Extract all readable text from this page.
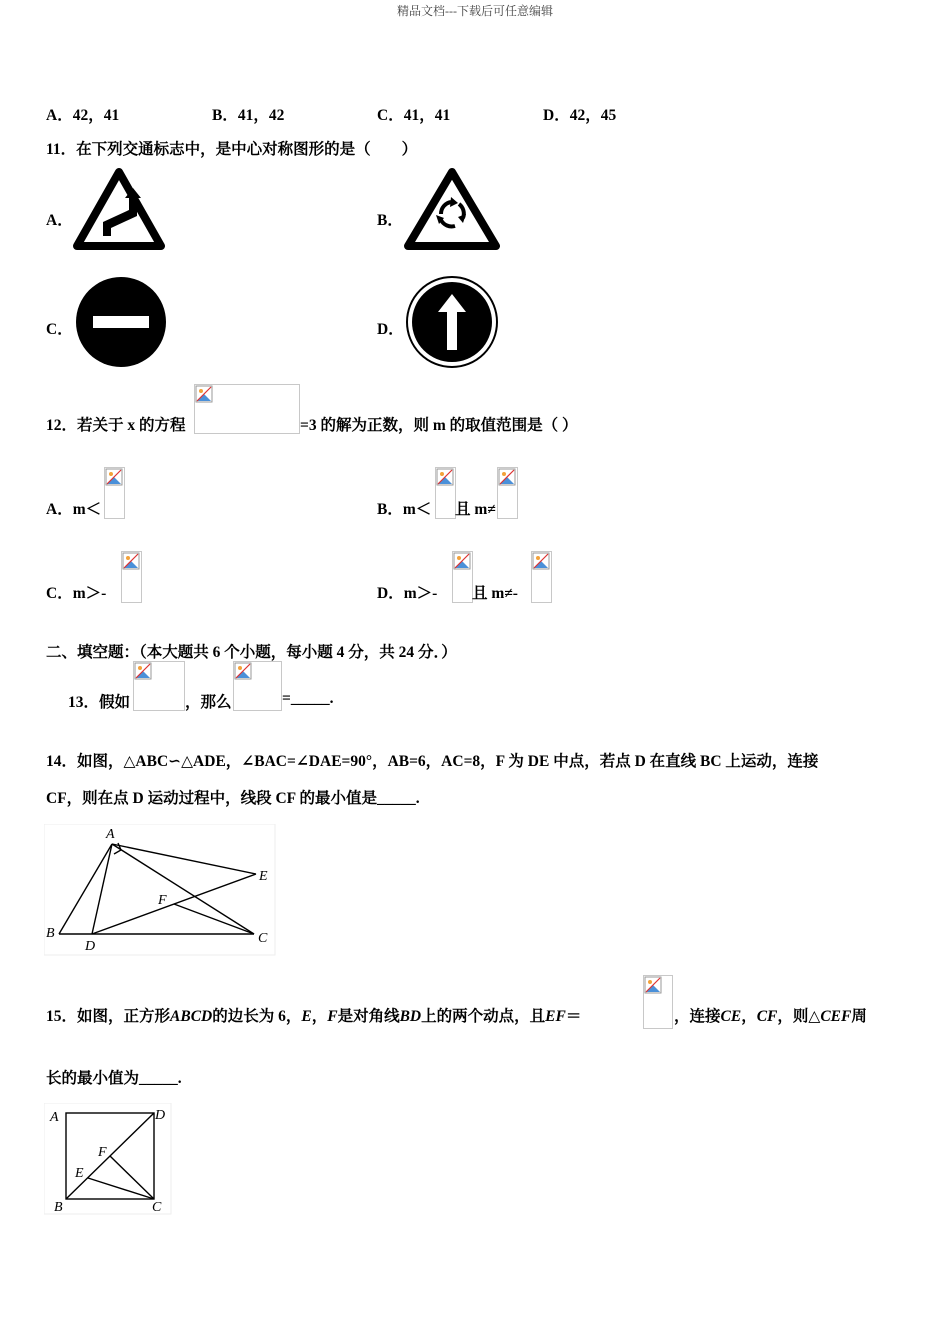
精品文档---下载后可任意编辑
A．42，41	B．41，42	C．41，41	D．42，45
11．在下列交通标志中，是中心对称图形的是（　　）
A．	B．
C．	D．
12．若关于 x 的方程	=3 的解为正数，则 m 的取值范围是（ ）
A．m＜	B．m＜ 且 m≠
C．m＞-	D．m＞- 且 m≠-
二、填空题：（本大题共 6 个小题，每小题 4 分，共 24 分．）
13．假如	，那么	=_____.
14．如图，△ABC∽△ADE，∠BAC=∠DAE=90°，AB=6，AC=8，F 为 DE 中点，若点 D 在直线 BC 上运动，连接
CF，则在点 D 运动过程中，线段 CF 的最小值是_____.
A
B	C
D
E
F
15．如图，正方形ABCD的边长为 6，E，F是对角线BD上的两个动点，且EF＝	，连接CE，CF，则△CEF周
长的最小值为_____.
A	D
B	C
E
F
